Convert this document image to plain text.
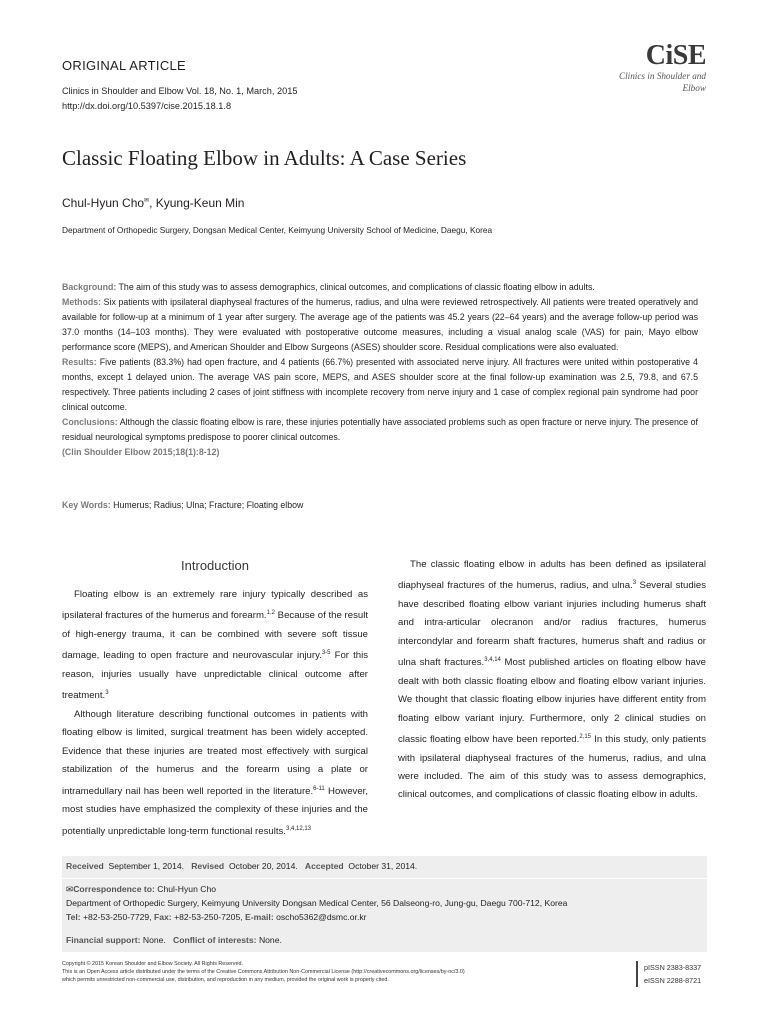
ORIGINAL ARTICLE
Clinics in Shoulder and Elbow Vol. 18, No. 1, March, 2015
http://dx.doi.org/10.5397/cise.2015.18.1.8
CiSE
Clinics in Shoulder and Elbow
Classic Floating Elbow in Adults: A Case Series
Chul-Hyun Cho✉, Kyung-Keun Min
Department of Orthopedic Surgery, Dongsan Medical Center, Keimyung University School of Medicine, Daegu, Korea

Background: The aim of this study was to assess demographics, clinical outcomes, and complications of classic floating elbow in adults.

Methods: Six patients with ipsilateral diaphyseal fractures of the humerus, radius, and ulna were reviewed retrospectively. All patients were treated operatively and available for follow-up at a minimum of 1 year after surgery. The average age of the patients was 45.2 years (22–64 years) and the average follow-up period was 37.0 months (14–103 months). They were evaluated with postoperative outcome measures, including a visual analog scale (VAS) for pain, Mayo elbow performance score (MEPS), and American Shoulder and Elbow Surgeons (ASES) shoulder score. Residual complications were also evaluated.

Results: Five patients (83.3%) had open fracture, and 4 patients (66.7%) presented with associated nerve injury. All fractures were united within postoperative 4 months, except 1 delayed union. The average VAS pain score, MEPS, and ASES shoulder score at the final follow-up examination was 2.5, 79.8, and 67.5 respectively. Three patients including 2 cases of joint stiffness with incomplete recovery from nerve injury and 1 case of complex regional pain syndrome had poor clinical outcome.

Conclusions: Although the classic floating elbow is rare, these injuries potentially have associated problems such as open fracture or nerve injury. The presence of residual neurological symptoms predispose to poorer clinical outcomes.

(Clin Shoulder Elbow 2015;18(1):8-12)

Key Words: Humerus; Radius; Ulna; Fracture; Floating elbow
Introduction

Floating elbow is an extremely rare injury typically described as ipsilateral fractures of the humerus and forearm.$^{1,2}$ Because of the result of high-energy trauma, it can be combined with severe soft tissue damage, leading to open fracture and neurovascular injury.$^{3-5}$ For this reason, injuries usually have unpredictable clinical outcome after treatment.$^3$

Although literature describing functional outcomes in patients with floating elbow is limited, surgical treatment has been widely accepted. Evidence that these injuries are treated most effectively with surgical stabilization of the humerus and the forearm using a plate or intramedullary nail has been well reported in the literature.$^{6-11}$ However, most studies have emphasized the complexity of these injuries and the potentially unpredictable long-term functional results.$^{3,4,12,13}$

The classic floating elbow in adults has been defined as ipsilateral diaphyseal fractures of the humerus, radius, and ulna.$^3$ Several studies have described floating elbow variant injuries including humerus shaft and intra-articular olecranon and/or radius fractures, humerus intercondylar and forearm shaft fractures, humerus shaft and radius or ulna shaft fractures.$^{3,4,14}$ Most published articles on floating elbow have dealt with both classic floating elbow and floating elbow variant injuries. We thought that classic floating elbow injuries have different entity from floating elbow variant injury. Furthermore, only 2 clinical studies on classic floating elbow have been reported.$^{2,15}$ In this study, only patients with ipsilateral diaphyseal fractures of the humerus, radius, and ulna were included. The aim of this study was to assess demographics, clinical outcomes, and complications of classic floating elbow in adults.

Received September 1, 2014. Revised October 20, 2014. Accepted October 31, 2014.
✉Correspondence to: Chul-Hyun Cho
Department of Orthopedic Surgery, Keimyung University Dongsan Medical Center, 56 Dalseong-ro, Jung-gu, Daegu 700-712, Korea
Tel: +82-53-250-7729, Fax: +82-53-250-7205, E-mail: oscho5362@dsmc.or.kr
Financial support: None. Conflict of interests: None.
Copyright © 2015 Korean Shoulder and Elbow Society. All Rights Reserved.
This is an Open Access article distributed under the terms of the Creative Commons Attribution Non-Commercial License (http://creativecommons.org/licenses/by-nc/3.0)
which permits unrestricted non-commercial use, distribution, and reproduction in any medium, provided the original work is properly cited.
pISSN 2383-8337
eISSN 2288-8721
